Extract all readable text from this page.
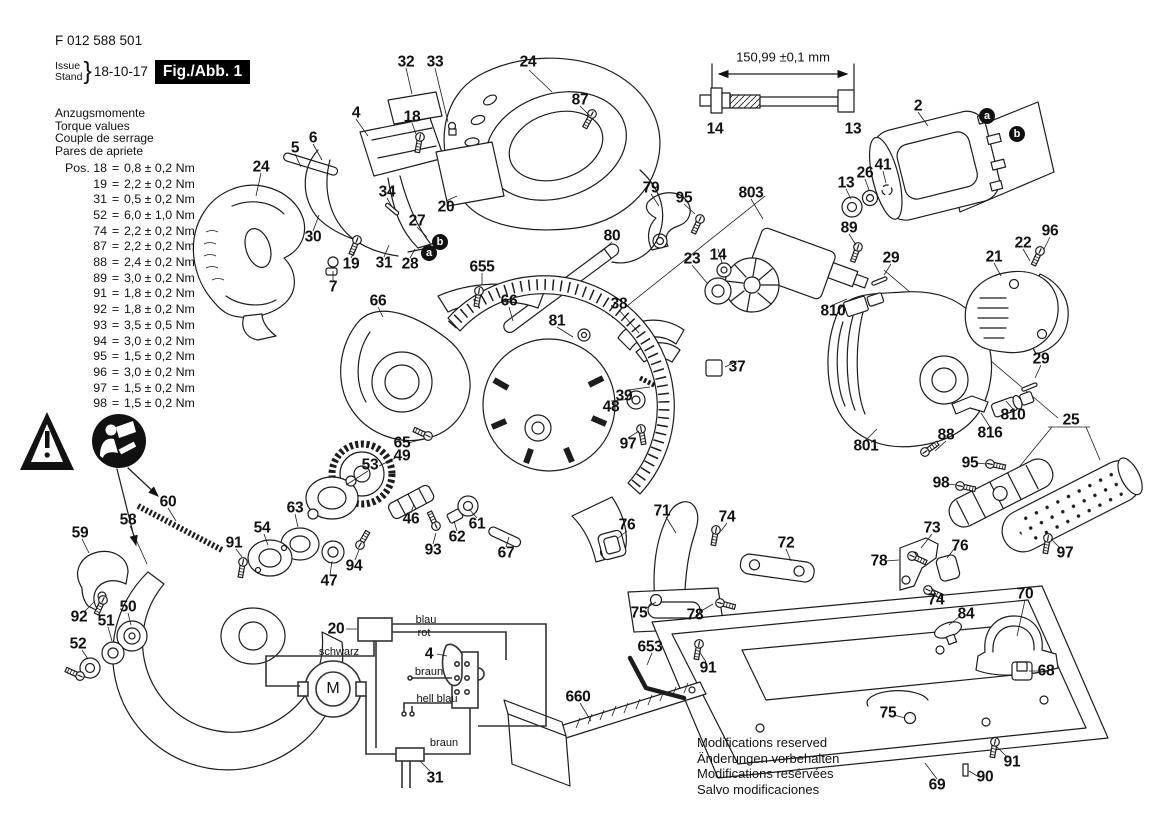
F 012 588 501
Issue
Stand } 18-10-17 Fig./Abb. 1
Anzugsmomente
Torque values
Couple de serrage
Pares de apriete
Pos. 18 = 0,8 ± 0,2 Nm
19 = 2,2 ± 0,2 Nm
31 = 0,5 ± 0,2 Nm
52 = 6,0 ± 1,0 Nm
74 = 2,2 ± 0,2 Nm
87 = 2,2 ± 0,2 Nm
88 = 2,4 ± 0,2 Nm
89 = 3,0 ± 0,2 Nm
91 = 1,8 ± 0,2 Nm
92 = 1,8 ± 0,2 Nm
93 = 3,5 ± 0,5 Nm
94 = 3,0 ± 0,2 Nm
95 = 1,5 ± 0,2 Nm
96 = 3,0 ± 0,2 Nm
97 = 1,5 ± 0,2 Nm
98 = 1,5 ± 0,2 Nm
150,99 ±0,1 mm
32 33	24
87
4	18
6
5
24
34
20
27
30
19 31 28
7
655
66	66
14	13
2
79
95	803
13
26 41
80	89
29
96
22
21
23 14
38
81
810
29
37
39
48
97
810
816
88
801
25
95
98
97
65
49
53
46	61
62
93	67
94
47
63
54
91
60
58
59
92
50
51
52
20
4
31
76
71	74
72
75	78
653
91
660
75
69 90
91
73
76
78
74
84
70
68
a
b
a
b
blau
rot
schwarz
braun
hell blau
braun
M
Modifications reserved
Änderungen vorbehalten
Modifications resérvées
Salvo modificaciones
